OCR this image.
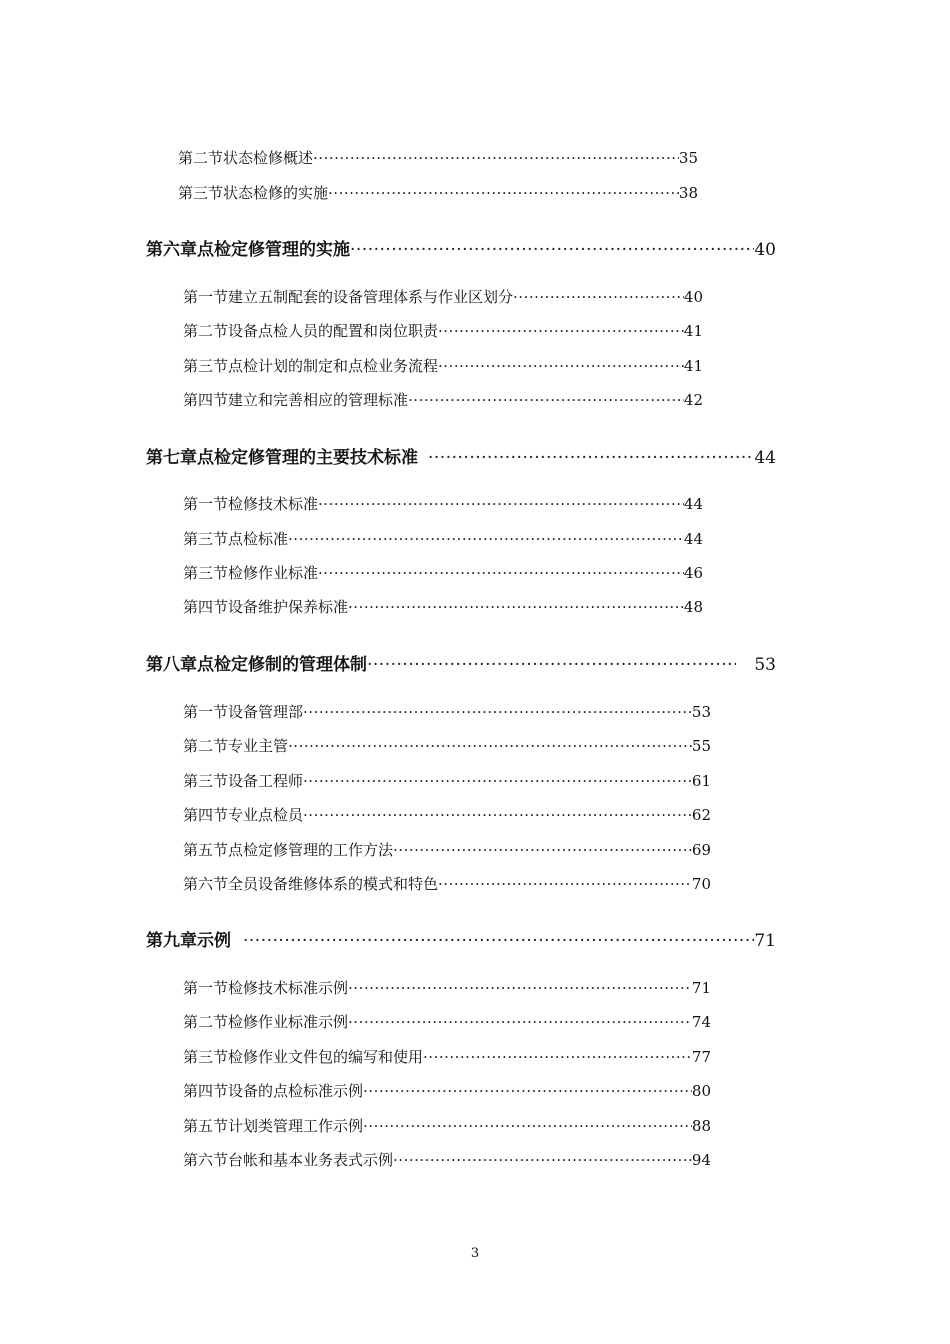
第二节 状态检修概述 ·····	35
第三节 状态检修的实施 ·····	38
第六章 点检定修管理的实施 ·····	40
第一节 建立五制配套的设备管理体系与作业区划分 ·····	40
第二节 设备点检人员的配置和岗位职责 ·····	41
第三节 点检计划的制定和点检业务流程 ·····	41
第四节 建立和完善相应的管理标准 ·····	42
第七章 点检定修管理的主要技术标准 ·····	44
第一节 检修技术标准 ·····	44
第三节 点检标准 ·····	44
第三节 检修作业标准 ·····	46
第四节 设备维护保养标准 ·····	48
第八章 点检定修制的管理体制 ·····	53
第一节 设备管理部 ·····	53
第二节 专业主管 ·····	55
第三节 设备工程师 ·····	61
第四节 专业点检员 ·····	62
第五节 点检定修管理的工作方法 ·····	69
第六节 全员设备维修体系的模式和特色 ·····	70
第九章 示例 ·····	71
第一节 检修技术标准示例 ·····	71
第二节 检修作业标准示例 ·····	74
第三节 检修作业文件包的编写和使用 ·····	77
第四节 设备的点检标准示例 ·····	80
第五节 计划类管理工作示例 ·····	88
第六节 台帐和基本业务表式示例 ·····	94
3
